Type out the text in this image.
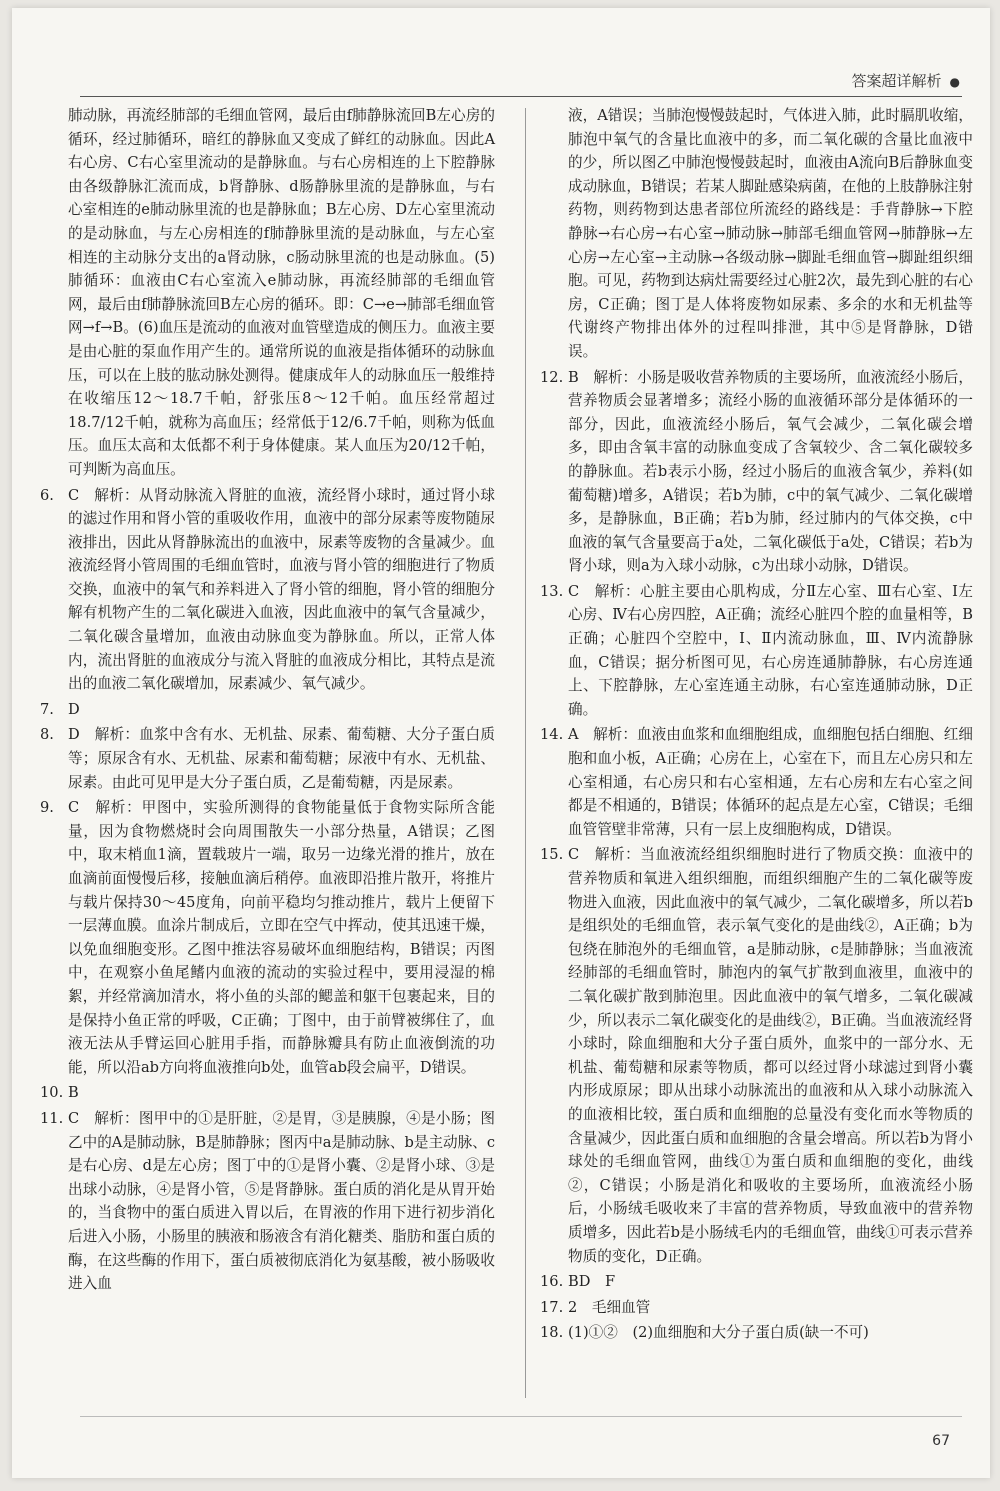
答案超详解析 ●
67

肺动脉，再流经肺部的毛细血管网，最后由f肺静脉流回B左心房的循环，经过肺循环，暗红的静脉血又变成了鲜红的动脉血。因此A右心房、C右心室里流动的是静脉血。与右心房相连的上下腔静脉由各级静脉汇流而成，b肾静脉、d肠静脉里流的是静脉血，与右心室相连的e肺动脉里流的也是静脉血；B左心房、D左心室里流动的是动脉血，与左心房相连的f肺静脉里流的是动脉血，与左心室相连的主动脉分支出的a肾动脉，c肠动脉里流的也是动脉血。(5)肺循环：血液由C右心室流入e肺动脉，再流经肺部的毛细血管网，最后由f肺静脉流回B左心房的循环。即：C→e→肺部毛细血管网→f→B。(6)血压是流动的血液对血管壁造成的侧压力。血液主要是由心脏的泵血作用产生的。通常所说的血液是指体循环的动脉血压，可以在上肢的肱动脉处测得。健康成年人的动脉血压一般维持在收缩压12～18.7千帕，舒张压8～12千帕。血压经常超过18.7/12千帕，就称为高血压；经常低于12/6.7千帕，则称为低血压。血压太高和太低都不利于身体健康。某人血压为20/12千帕，可判断为高血压。

6. C　解析：从肾动脉流入肾脏的血液，流经肾小球时，通过肾小球的滤过作用和肾小管的重吸收作用，血液中的部分尿素等废物随尿液排出，因此从肾静脉流出的血液中，尿素等废物的含量减少。血液流经肾小管周围的毛细血管时，血液与肾小管的细胞进行了物质交换，血液中的氧气和养料进入了肾小管的细胞，肾小管的细胞分解有机物产生的二氧化碳进入血液，因此血液中的氧气含量减少，二氧化碳含量增加，血液由动脉血变为静脉血。所以，正常人体内，流出肾脏的血液成分与流入肾脏的血液成分相比，其特点是流出的血液二氧化碳增加，尿素减少、氧气减少。
7. D
8. D　解析：血浆中含有水、无机盐、尿素、葡萄糖、大分子蛋白质等；原尿含有水、无机盐、尿素和葡萄糖；尿液中有水、无机盐、尿素。由此可见甲是大分子蛋白质，乙是葡萄糖，丙是尿素。
9. C　解析：甲图中，实验所测得的食物能量低于食物实际所含能量，因为食物燃烧时会向周围散失一小部分热量，A错误；乙图中，取末梢血1滴，置载玻片一端，取另一边缘光滑的推片，放在血滴前面慢慢后移，接触血滴后稍停。血液即沿推片散开，将推片与载片保持30～45度角，向前平稳均匀推动推片，载片上便留下一层薄血膜。血涂片制成后，立即在空气中挥动，使其迅速干燥，以免血细胞变形。乙图中推法容易破坏血细胞结构，B错误；丙图中，在观察小鱼尾鳍内血液的流动的实验过程中，要用浸湿的棉絮，并经常滴加清水，将小鱼的头部的鳃盖和躯干包裹起来，目的是保持小鱼正常的呼吸，C正确；丁图中，由于前臂被绑住了，血液无法从手臂运回心脏用手指，而静脉瓣具有防止血液倒流的功能，所以沿ab方向将血液推向b处，血管ab段会扁平，D错误。
10. B
11. C　解析：图甲中的①是肝脏，②是胃，③是胰腺，④是小肠；图乙中的A是肺动脉，B是肺静脉；图丙中a是肺动脉、b是主动脉、c是右心房、d是左心房；图丁中的①是肾小囊、②是肾小球、③是出球小动脉，④是肾小管，⑤是肾静脉。蛋白质的消化是从胃开始的，当食物中的蛋白质进入胃以后，在胃液的作用下进行初步消化后进入小肠，小肠里的胰液和肠液含有消化糖类、脂肪和蛋白质的酶，在这些酶的作用下，蛋白质被彻底消化为氨基酸，被小肠吸收进入血

液，A错误；当肺泡慢慢鼓起时，气体进入肺，此时膈肌收缩，肺泡中氧气的含量比血液中的多，而二氧化碳的含量比血液中的少，所以图乙中肺泡慢慢鼓起时，血液由A流向B后静脉血变成动脉血，B错误；若某人脚趾感染病菌，在他的上肢静脉注射药物，则药物到达患者部位所流经的路线是：手背静脉→下腔静脉→右心房→右心室→肺动脉→肺部毛细血管网→肺静脉→左心房→左心室→主动脉→各级动脉→脚趾毛细血管→脚趾组织细胞。可见，药物到达病灶需要经过心脏2次，最先到心脏的右心房，C正确；图丁是人体将废物如尿素、多余的水和无机盐等代谢终产物排出体外的过程叫排泄，其中⑤是肾静脉，D错误。

12. B　解析：小肠是吸收营养物质的主要场所，血液流经小肠后，营养物质会显著增多；流经小肠的血液循环部分是体循环的一部分，因此，血液流经小肠后，氧气会减少，二氧化碳会增多，即由含氧丰富的动脉血变成了含氧较少、含二氧化碳较多的静脉血。若b表示小肠，经过小肠后的血液含氧少，养料(如葡萄糖)增多，A错误；若b为肺，c中的氧气减少、二氧化碳增多，是静脉血，B正确；若b为肺，经过肺内的气体交换，c中血液的氧气含量要高于a处，二氧化碳低于a处，C错误；若b为肾小球，则a为入球小动脉，c为出球小动脉，D错误。
13. C　解析：心脏主要由心肌构成，分Ⅱ左心室、Ⅲ右心室、Ⅰ左心房、Ⅳ右心房四腔，A正确；流经心脏四个腔的血量相等，B正确；心脏四个空腔中，Ⅰ、Ⅱ内流动脉血，Ⅲ、Ⅳ内流静脉血，C错误；据分析图可见，右心房连通肺静脉，右心房连通上、下腔静脉，左心室连通主动脉，右心室连通肺动脉，D正确。
14. A　解析：血液由血浆和血细胞组成，血细胞包括白细胞、红细胞和血小板，A正确；心房在上，心室在下，而且左心房只和左心室相通，右心房只和右心室相通，左右心房和左右心室之间都是不相通的，B错误；体循环的起点是左心室，C错误；毛细血管管壁非常薄，只有一层上皮细胞构成，D错误。
15. C　解析：当血液流经组织细胞时进行了物质交换：血液中的营养物质和氧进入组织细胞，而组织细胞产生的二氧化碳等废物进入血液，因此血液中的氧气减少，二氧化碳增多，所以若b是组织处的毛细血管，表示氧气变化的是曲线②，A正确；b为包绕在肺泡外的毛细血管，a是肺动脉，c是肺静脉；当血液流经肺部的毛细血管时，肺泡内的氧气扩散到血液里，血液中的二氧化碳扩散到肺泡里。因此血液中的氧气增多，二氧化碳减少，所以表示二氧化碳变化的是曲线②，B正确。当血液流经肾小球时，除血细胞和大分子蛋白质外，血浆中的一部分水、无机盐、葡萄糖和尿素等物质，都可以经过肾小球滤过到肾小囊内形成原尿；即从出球小动脉流出的血液和从入球小动脉流入的血液相比较，蛋白质和血细胞的总量没有变化而水等物质的含量减少，因此蛋白质和血细胞的含量会增高。所以若b为肾小球处的毛细血管网，曲线①为蛋白质和血细胞的变化，曲线②，C错误；小肠是消化和吸收的主要场所，血液流经小肠后，小肠绒毛吸收来了丰富的营养物质，导致血液中的营养物质增多，因此若b是小肠绒毛内的毛细血管，曲线①可表示营养物质的变化，D正确。
16. BD　F
17. 2　毛细血管
18. (1)①②　(2)血细胞和大分子蛋白质(缺一不可)
